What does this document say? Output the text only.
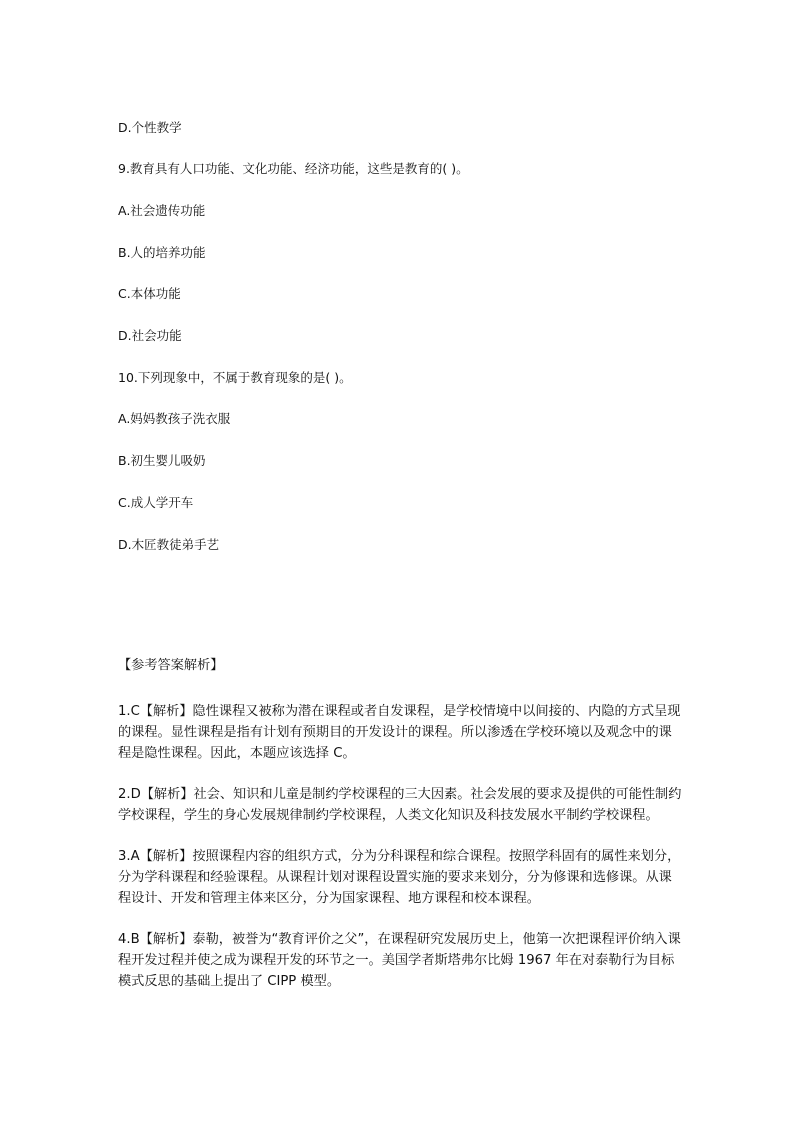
D.个性教学
9.教育具有人口功能、文化功能、经济功能，这些是教育的( )。
A.社会遗传功能
B.人的培养功能
C.本体功能
D.社会功能
10.下列现象中，不属于教育现象的是( )。
A.妈妈教孩子洗衣服
B.初生婴儿吸奶
C.成人学开车
D.木匠教徒弟手艺
【参考答案解析】

1.C【解析】隐性课程又被称为潜在课程或者自发课程，是学校情境中以间接的、内隐的方式呈现的课程。显性课程是指有计划有预期目的开发设计的课程。所以渗透在学校环境以及观念中的课程是隐性课程。因此，本题应该选择 C。

2.D【解析】社会、知识和儿童是制约学校课程的三大因素。社会发展的要求及提供的可能性制约学校课程，学生的身心发展规律制约学校课程，人类文化知识及科技发展水平制约学校课程。

3.A【解析】按照课程内容的组织方式，分为分科课程和综合课程。按照学科固有的属性来划分，分为学科课程和经验课程。从课程计划对课程设置实施的要求来划分，分为修课和选修课。从课程设计、开发和管理主体来区分，分为国家课程、地方课程和校本课程。

4.B【解析】泰勒，被誉为“教育评价之父”，在课程研究发展历史上，他第一次把课程评价纳入课程开发过程并使之成为课程开发的环节之一。美国学者斯塔弗尔比姆 1967 年在对泰勒行为目标模式反思的基础上提出了 CIPP 模型。
